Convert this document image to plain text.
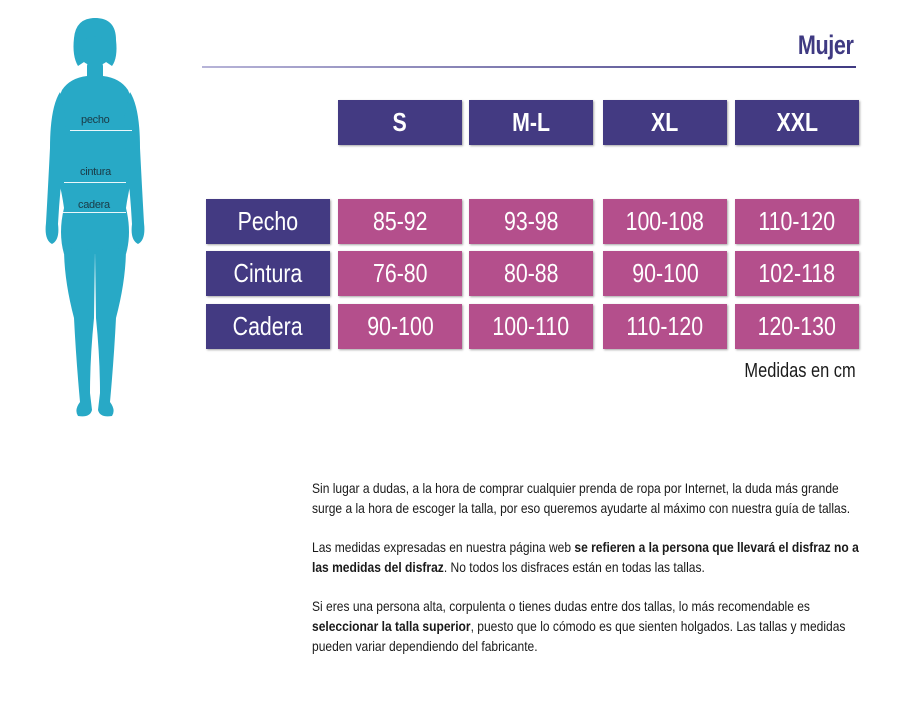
pecho
cintura
cadera
Mujer
S	M-L	XL	XXL
Pecho	85-92	93-98	100-108 110-120
Cintura	76-80	80-88	90-100 102-118
Cadera 90-100 100-110 110-120 120-130
Medidas en cm

Sin lugar a dudas, a la hora de comprar cualquier prenda de ropa por Internet, la duda más grande surge a la hora de escoger la talla, por eso queremos ayudarte al máximo con nuestra guía de tallas.

Las medidas expresadas en nuestra página web se refieren a la persona que llevará el disfraz no a las medidas del disfraz. No todos los disfraces están en todas las tallas.

Si eres una persona alta, corpulenta o tienes dudas entre dos tallas, lo más recomendable es seleccionar la talla superior, puesto que lo cómodo es que sienten holgados. Las tallas y medidas pueden variar dependiendo del fabricante.
